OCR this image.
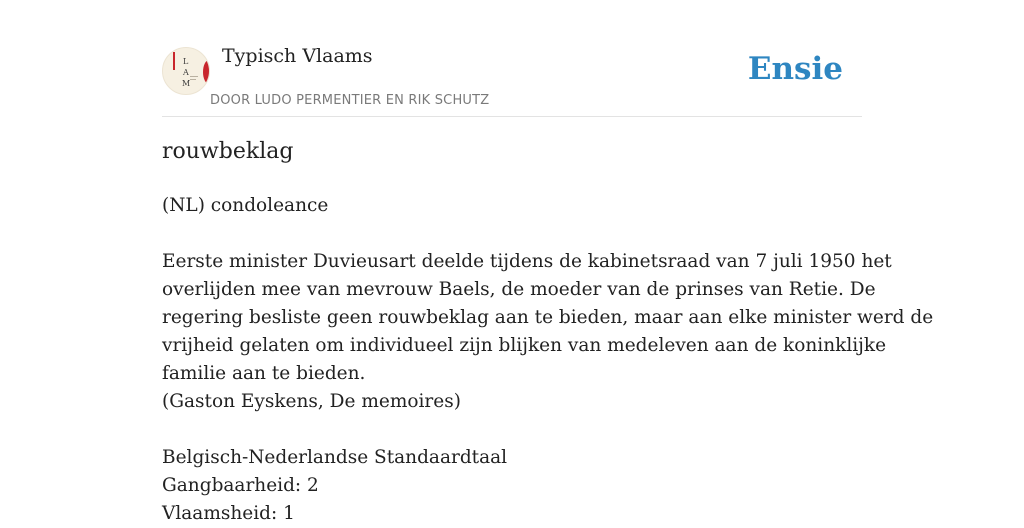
L
A
M
Typisch Vlaams
DOOR LUDO PERMENTIER EN RIK SCHUTZ
Ensie
rouwbeklag
(NL) condoleance
Eerste minister Duvieusart deelde tijdens de kabinetsraad van 7 juli 1950 het
overlijden mee van mevrouw Baels, de moeder van de prinses van Retie. De
regering besliste geen rouwbeklag aan te bieden, maar aan elke minister werd de
vrijheid gelaten om individueel zijn blijken van medeleven aan de koninklijke
familie aan te bieden.
(Gaston Eyskens, De memoires)
Belgisch-Nederlandse Standaardtaal
Gangbaarheid: 2
Vlaamsheid: 1
